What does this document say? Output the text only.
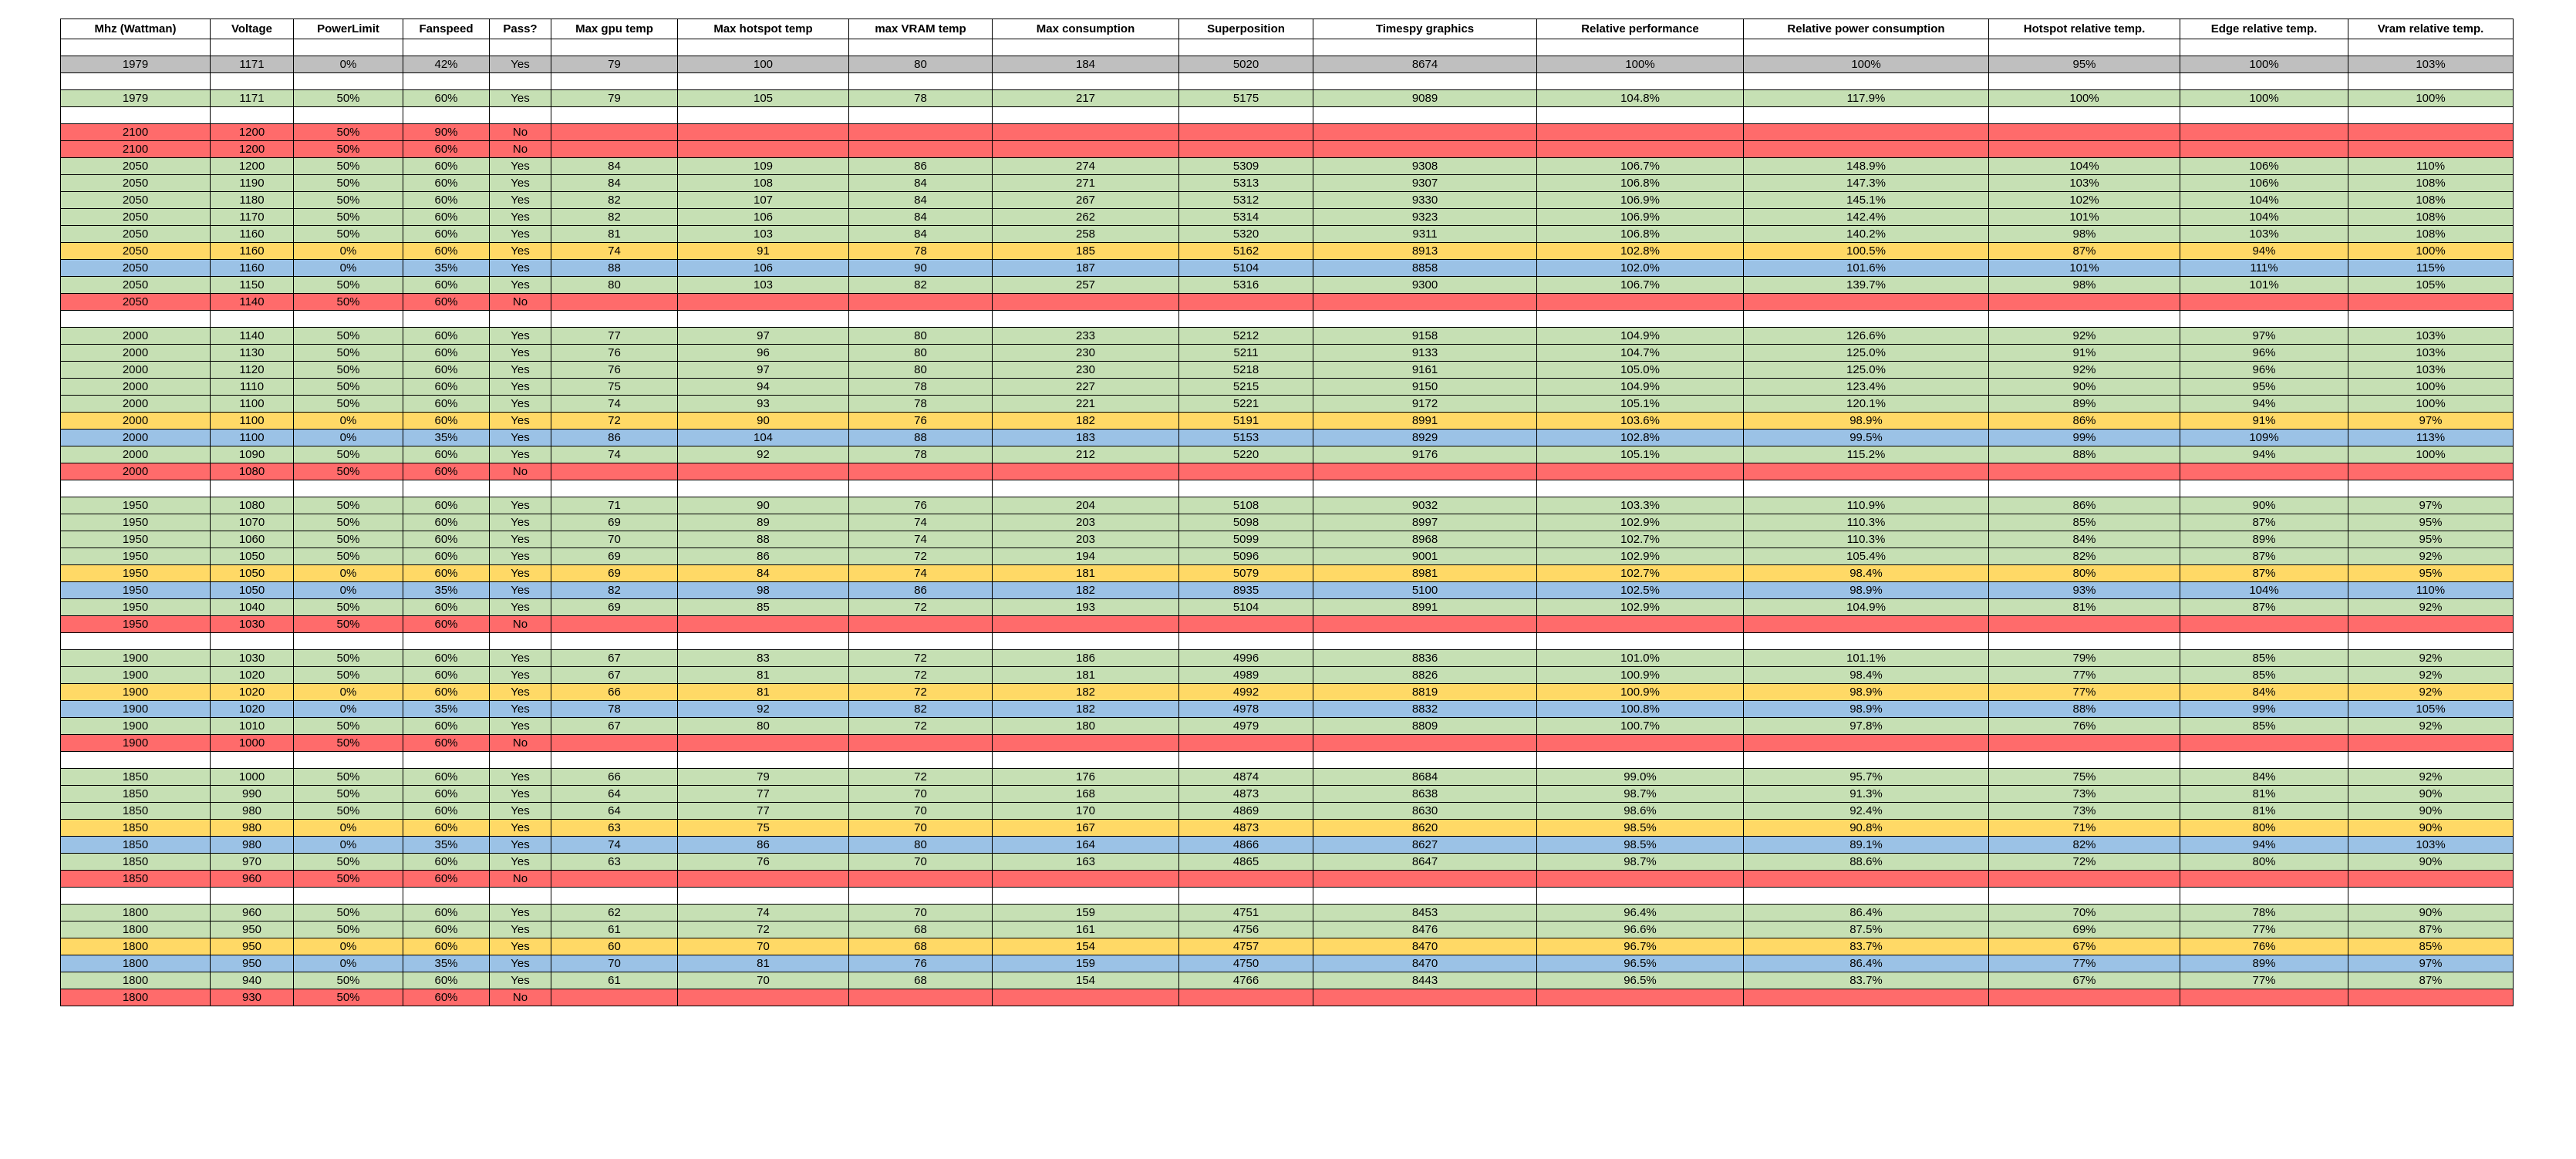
Mhz (Wattman)	Voltage	PowerLimit	Fanspeed	Pass?	Max gpu temp	Max hotspot temp	max VRAM temp	Max consumption	Superposition	Timespy graphics	Relative performance	Relative power consumption	Hotspot relative temp.	Edge relative temp.	Vram relative temp.

1979	1171	0%	42%	Yes	79	100	80	184	5020	8674	100%	100%	95%	100%	103%

1979	1171	50%	60%	Yes	79	105	78	217	5175	9089	104.8%	117.9%	100%	100%	100%

2100	1200	50%	90%	No											
2100	1200	50%	60%	No											
2050	1200	50%	60%	Yes	84	109	86	274	5309	9308	106.7%	148.9%	104%	106%	110%
2050	1190	50%	60%	Yes	84	108	84	271	5313	9307	106.8%	147.3%	103%	106%	108%
2050	1180	50%	60%	Yes	82	107	84	267	5312	9330	106.9%	145.1%	102%	104%	108%
2050	1170	50%	60%	Yes	82	106	84	262	5314	9323	106.9%	142.4%	101%	104%	108%
2050	1160	50%	60%	Yes	81	103	84	258	5320	9311	106.8%	140.2%	98%	103%	108%
2050	1160	0%	60%	Yes	74	91	78	185	5162	8913	102.8%	100.5%	87%	94%	100%
2050	1160	0%	35%	Yes	88	106	90	187	5104	8858	102.0%	101.6%	101%	111%	115%
2050	1150	50%	60%	Yes	80	103	82	257	5316	9300	106.7%	139.7%	98%	101%	105%
2050	1140	50%	60%	No											

2000	1140	50%	60%	Yes	77	97	80	233	5212	9158	104.9%	126.6%	92%	97%	103%
2000	1130	50%	60%	Yes	76	96	80	230	5211	9133	104.7%	125.0%	91%	96%	103%
2000	1120	50%	60%	Yes	76	97	80	230	5218	9161	105.0%	125.0%	92%	96%	103%
2000	1110	50%	60%	Yes	75	94	78	227	5215	9150	104.9%	123.4%	90%	95%	100%
2000	1100	50%	60%	Yes	74	93	78	221	5221	9172	105.1%	120.1%	89%	94%	100%
2000	1100	0%	60%	Yes	72	90	76	182	5191	8991	103.6%	98.9%	86%	91%	97%
2000	1100	0%	35%	Yes	86	104	88	183	5153	8929	102.8%	99.5%	99%	109%	113%
2000	1090	50%	60%	Yes	74	92	78	212	5220	9176	105.1%	115.2%	88%	94%	100%
2000	1080	50%	60%	No											

1950	1080	50%	60%	Yes	71	90	76	204	5108	9032	103.3%	110.9%	86%	90%	97%
1950	1070	50%	60%	Yes	69	89	74	203	5098	8997	102.9%	110.3%	85%	87%	95%
1950	1060	50%	60%	Yes	70	88	74	203	5099	8968	102.7%	110.3%	84%	89%	95%
1950	1050	50%	60%	Yes	69	86	72	194	5096	9001	102.9%	105.4%	82%	87%	92%
1950	1050	0%	60%	Yes	69	84	74	181	5079	8981	102.7%	98.4%	80%	87%	95%
1950	1050	0%	35%	Yes	82	98	86	182	8935	5100	102.5%	98.9%	93%	104%	110%
1950	1040	50%	60%	Yes	69	85	72	193	5104	8991	102.9%	104.9%	81%	87%	92%
1950	1030	50%	60%	No											

1900	1030	50%	60%	Yes	67	83	72	186	4996	8836	101.0%	101.1%	79%	85%	92%
1900	1020	50%	60%	Yes	67	81	72	181	4989	8826	100.9%	98.4%	77%	85%	92%
1900	1020	0%	60%	Yes	66	81	72	182	4992	8819	100.9%	98.9%	77%	84%	92%
1900	1020	0%	35%	Yes	78	92	82	182	4978	8832	100.8%	98.9%	88%	99%	105%
1900	1010	50%	60%	Yes	67	80	72	180	4979	8809	100.7%	97.8%	76%	85%	92%
1900	1000	50%	60%	No											

1850	1000	50%	60%	Yes	66	79	72	176	4874	8684	99.0%	95.7%	75%	84%	92%
1850	990	50%	60%	Yes	64	77	70	168	4873	8638	98.7%	91.3%	73%	81%	90%
1850	980	50%	60%	Yes	64	77	70	170	4869	8630	98.6%	92.4%	73%	81%	90%
1850	980	0%	60%	Yes	63	75	70	167	4873	8620	98.5%	90.8%	71%	80%	90%
1850	980	0%	35%	Yes	74	86	80	164	4866	8627	98.5%	89.1%	82%	94%	103%
1850	970	50%	60%	Yes	63	76	70	163	4865	8647	98.7%	88.6%	72%	80%	90%
1850	960	50%	60%	No											

1800	960	50%	60%	Yes	62	74	70	159	4751	8453	96.4%	86.4%	70%	78%	90%
1800	950	50%	60%	Yes	61	72	68	161	4756	8476	96.6%	87.5%	69%	77%	87%
1800	950	0%	60%	Yes	60	70	68	154	4757	8470	96.7%	83.7%	67%	76%	85%
1800	950	0%	35%	Yes	70	81	76	159	4750	8470	96.5%	86.4%	77%	89%	97%
1800	940	50%	60%	Yes	61	70	68	154	4766	8443	96.5%	83.7%	67%	77%	87%
1800	930	50%	60%	No											
